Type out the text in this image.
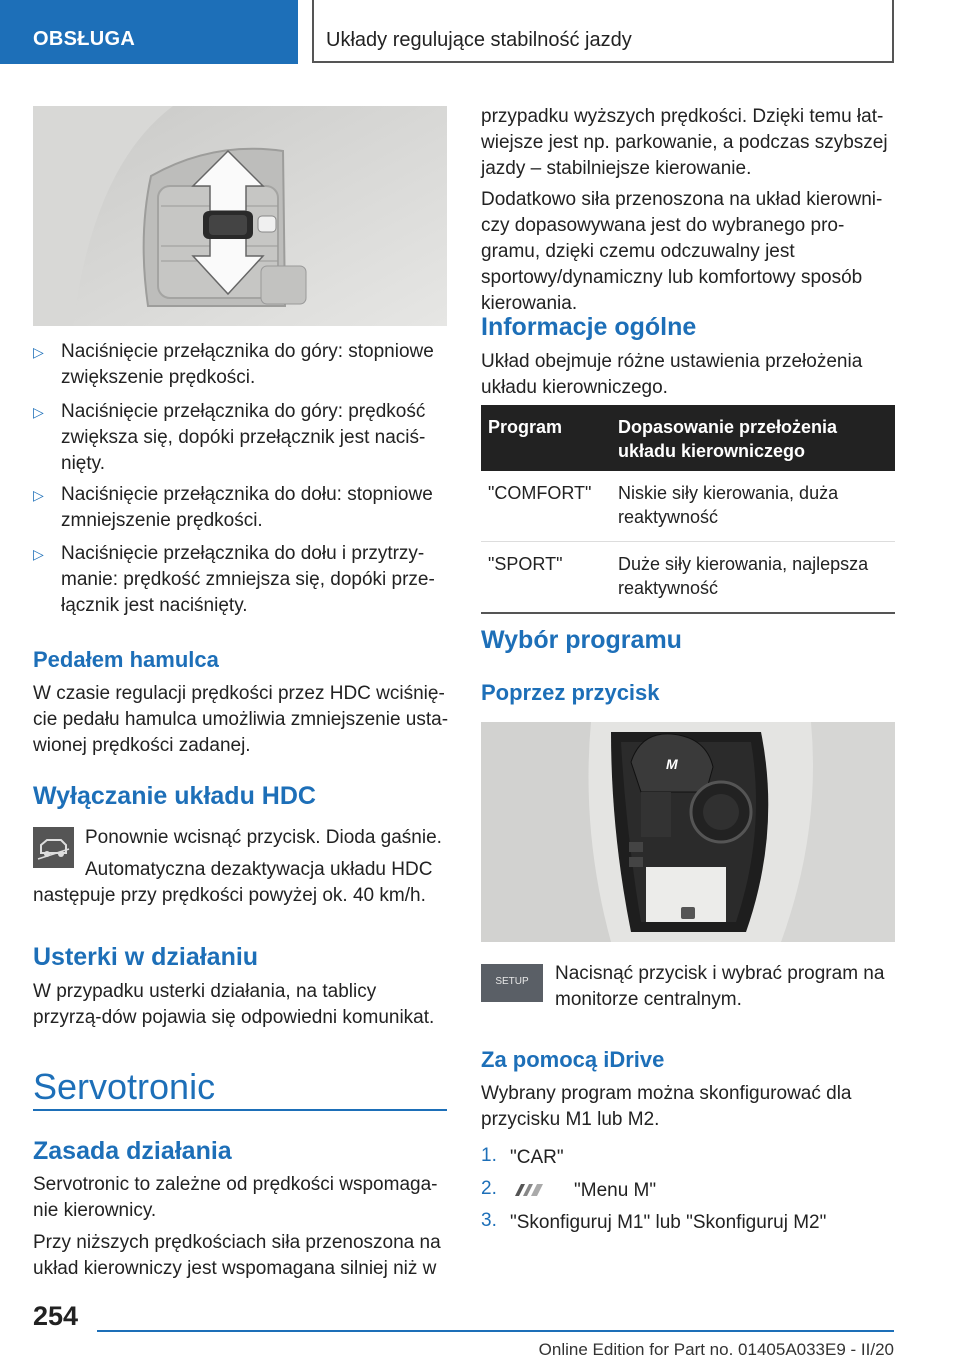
OBSŁUGA	Układy regulujące stabilność jazdy
▷ Naciśnięcie przełącznika do góry: stopniowe zwiększenie prędkości.
▷ Naciśnięcie przełącznika do góry: prędkość zwiększa się, dopóki przełącznik jest naciś‐nięty.
▷ Naciśnięcie przełącznika do dołu: stopniowe zmniejszenie prędkości.
▷ Naciśnięcie przełącznika do dołu i przytrzy‐manie: prędkość zmniejsza się, dopóki prze‐łącznik jest naciśnięty.
Pedałem hamulca

W czasie regulacji prędkości przez HDC wciśnię‐cie pedału hamulca umożliwia zmniejszenie usta‐wionej prędkości zadanej.

Wyłączanie układu HDC

Ponownie wcisnąć przycisk. Dioda gaśnie.

Automatyczna dezaktywacja układu HDC następuje przy prędkości powyżej ok. 40 km/h.

Usterki w działaniu

W przypadku usterki działania, na tablicy przyrzą‐dów pojawia się odpowiedni komunikat.

Servotronic
Zasada działania

Servotronic to zależne od prędkości wspomaga‐nie kierownicy.

Przy niższych prędkościach siła przenoszona na układ kierowniczy jest wspomagana silniej niż w

przypadku wyższych prędkości. Dzięki temu łat‐wiejsze jest np. parkowanie, a podczas szybszej jazdy – stabilniejsze kierowanie.

Dodatkowo siła przenoszona na układ kierowni‐czy dopasowywana jest do wybranego pro‐gramu, dzięki czemu odczuwalny jest sportowy/dynamiczny lub komfortowy sposób kierowania.

Informacje ogólne

Układ obejmuje różne ustawienia przełożenia układu kierowniczego.

Program	Dopasowanie przełożenia układu kierowniczego
"COMFORT"	Niskie siły kierowania, duża reaktywność
"SPORT"	Duże siły kierowania, najlepsza reaktywność
Wybór programu
Poprzez przycisk
M
SETUP	Nacisnąć przycisk i wybrać program na monitorze centralnym.

Za pomocą iDrive

Wybrany program można skonfigurować dla przycisku M1 lub M2.

1. "CAR"

2.	"Menu M"

3. "Skonfiguruj M1" lub "Skonfiguruj M2"

254
Online Edition for Part no. 01405A033E9 - II/20
